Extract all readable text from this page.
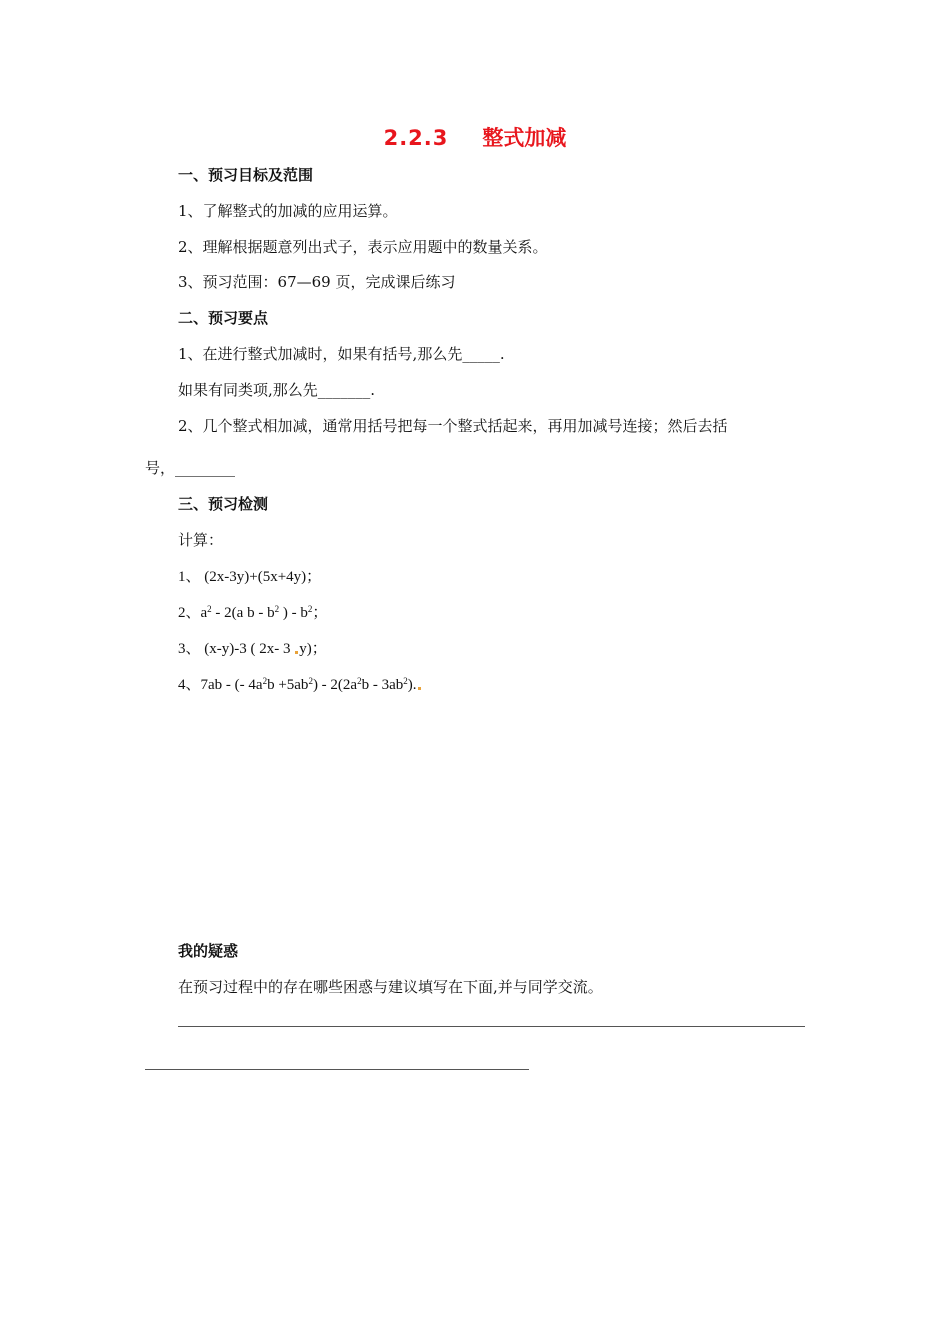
2.2.3 整式加减
一、预习目标及范围
1、了解整式的加减的应用运算。
2、理解根据题意列出式子，表示应用题中的数量关系。
3、预习范围：67—69 页，完成课后练习
二、预习要点
1、在进行整式加减时，如果有括号,那么先_____.
如果有同类项,那么先_______.
2、几个整式相加减，通常用括号把每一个整式括起来，再用加减号连接；然后去括
号，________
三、预习检测
计算：
1、 (2x-3y)+(5x+4y)；
2、$a^2 - 2(a$ b - $b^2$ ) - $b^2$；
3、 (x-y)-3 ( 2x- 3 y)；
4、7ab - (- $4a^2b +5ab^2) - 2(2a^2b - 3ab^2)$.
我的疑惑
在预习过程中的存在哪些困惑与建议填写在下面,并与同学交流。
